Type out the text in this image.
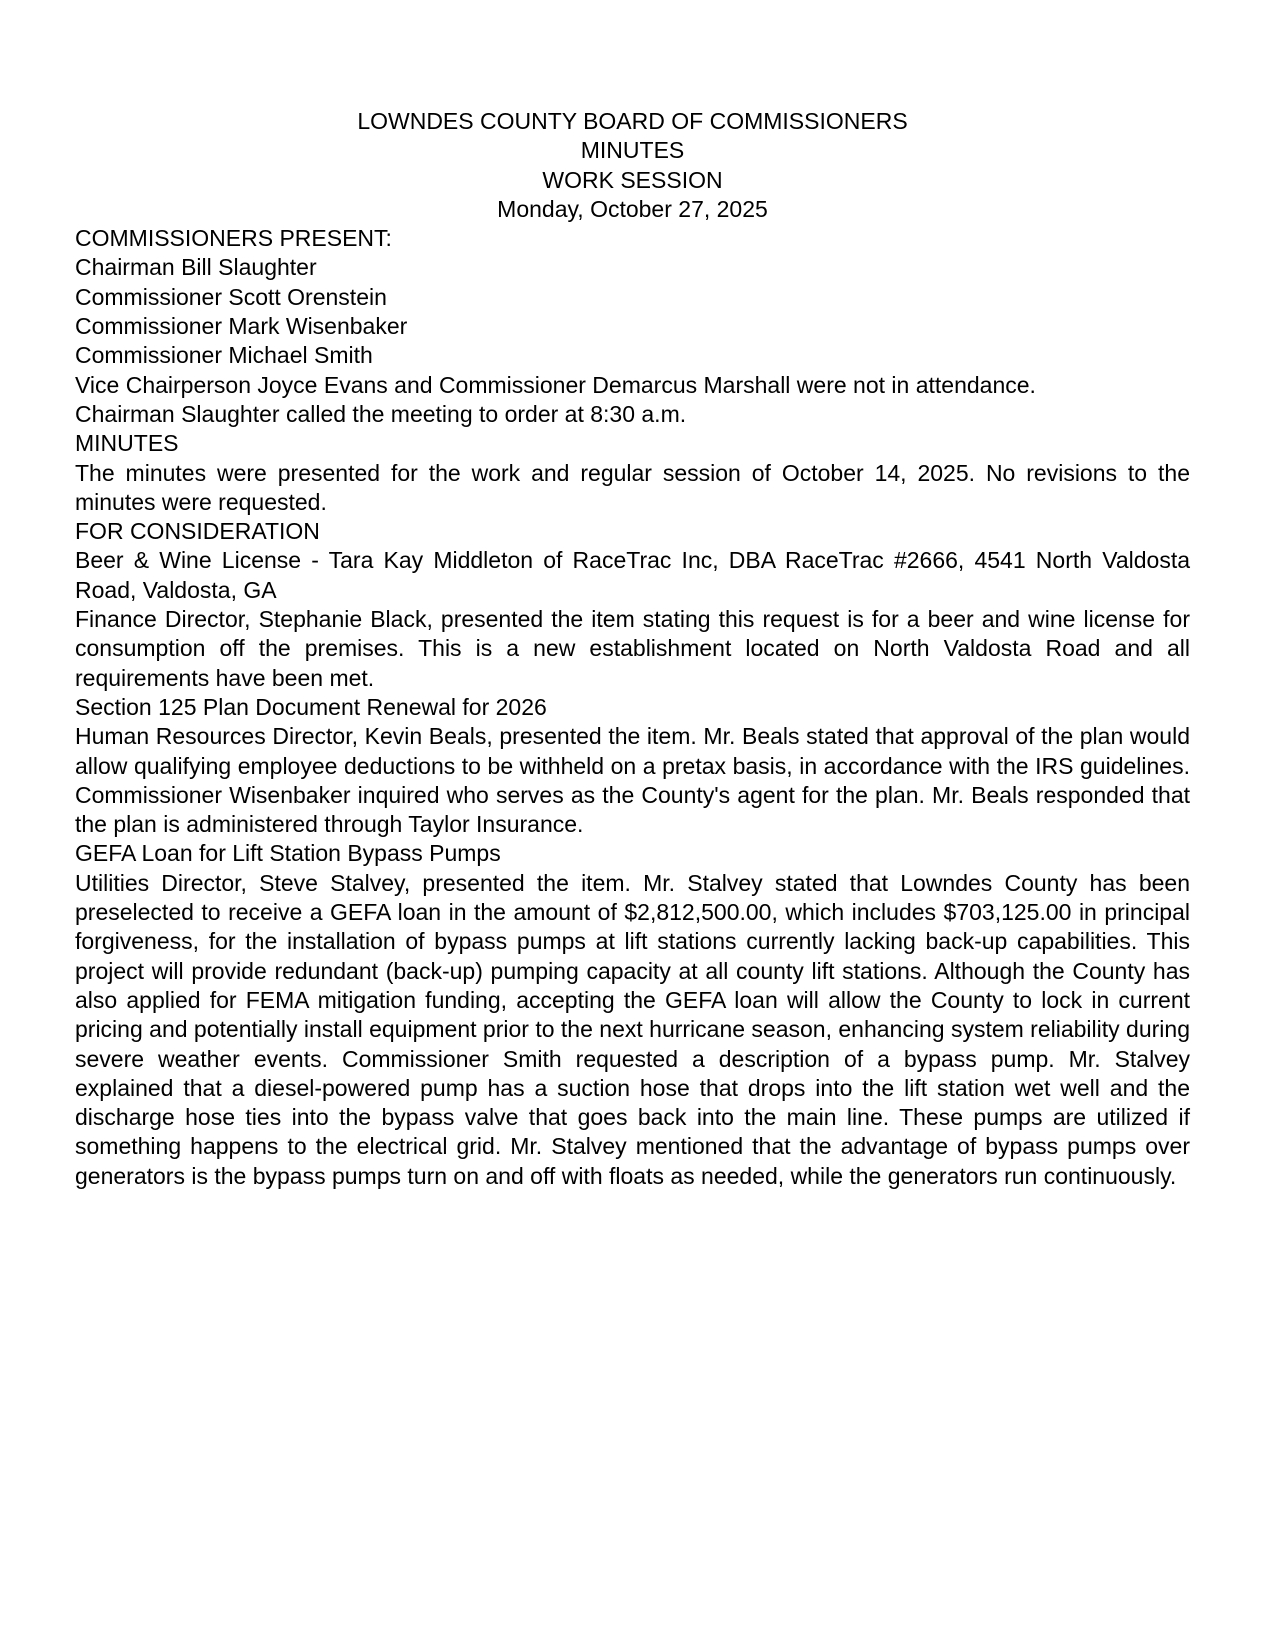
LOWNDES COUNTY BOARD OF COMMISSIONERS
MINUTES
WORK SESSION
Monday, October 27, 2025
COMMISSIONERS PRESENT:
Chairman Bill Slaughter
Commissioner Scott Orenstein
Commissioner Mark Wisenbaker
Commissioner Michael Smith

Vice Chairperson Joyce Evans and Commissioner Demarcus Marshall were not in attendance.

Chairman Slaughter called the meeting to order at 8:30 a.m.

MINUTES

The minutes were presented for the work and regular session of October 14, 2025. No revisions to the minutes were requested.

FOR CONSIDERATION
Beer & Wine License - Tara Kay Middleton of RaceTrac Inc, DBA RaceTrac #2666, 4541 North Valdosta Road, Valdosta, GA

Finance Director, Stephanie Black, presented the item stating this request is for a beer and wine license for consumption off the premises. This is a new establishment located on North Valdosta Road and all requirements have been met.

Section 125 Plan Document Renewal for 2026

Human Resources Director, Kevin Beals, presented the item. Mr. Beals stated that approval of the plan would allow qualifying employee deductions to be withheld on a pretax basis, in accordance with the IRS guidelines. Commissioner Wisenbaker inquired who serves as the County's agent for the plan. Mr. Beals responded that the plan is administered through Taylor Insurance.

GEFA Loan for Lift Station Bypass Pumps

Utilities Director, Steve Stalvey, presented the item. Mr. Stalvey stated that Lowndes County has been preselected to receive a GEFA loan in the amount of $2,812,500.00, which includes $703,125.00 in principal forgiveness, for the installation of bypass pumps at lift stations currently lacking back-up capabilities. This project will provide redundant (back-up) pumping capacity at all county lift stations. Although the County has also applied for FEMA mitigation funding, accepting the GEFA loan will allow the County to lock in current pricing and potentially install equipment prior to the next hurricane season, enhancing system reliability during severe weather events. Commissioner Smith requested a description of a bypass pump. Mr. Stalvey explained that a diesel-powered pump has a suction hose that drops into the lift station wet well and the discharge hose ties into the bypass valve that goes back into the main line. These pumps are utilized if something happens to the electrical grid. Mr. Stalvey mentioned that the advantage of bypass pumps over generators is the bypass pumps turn on and off with floats as needed, while the generators run continuously.
